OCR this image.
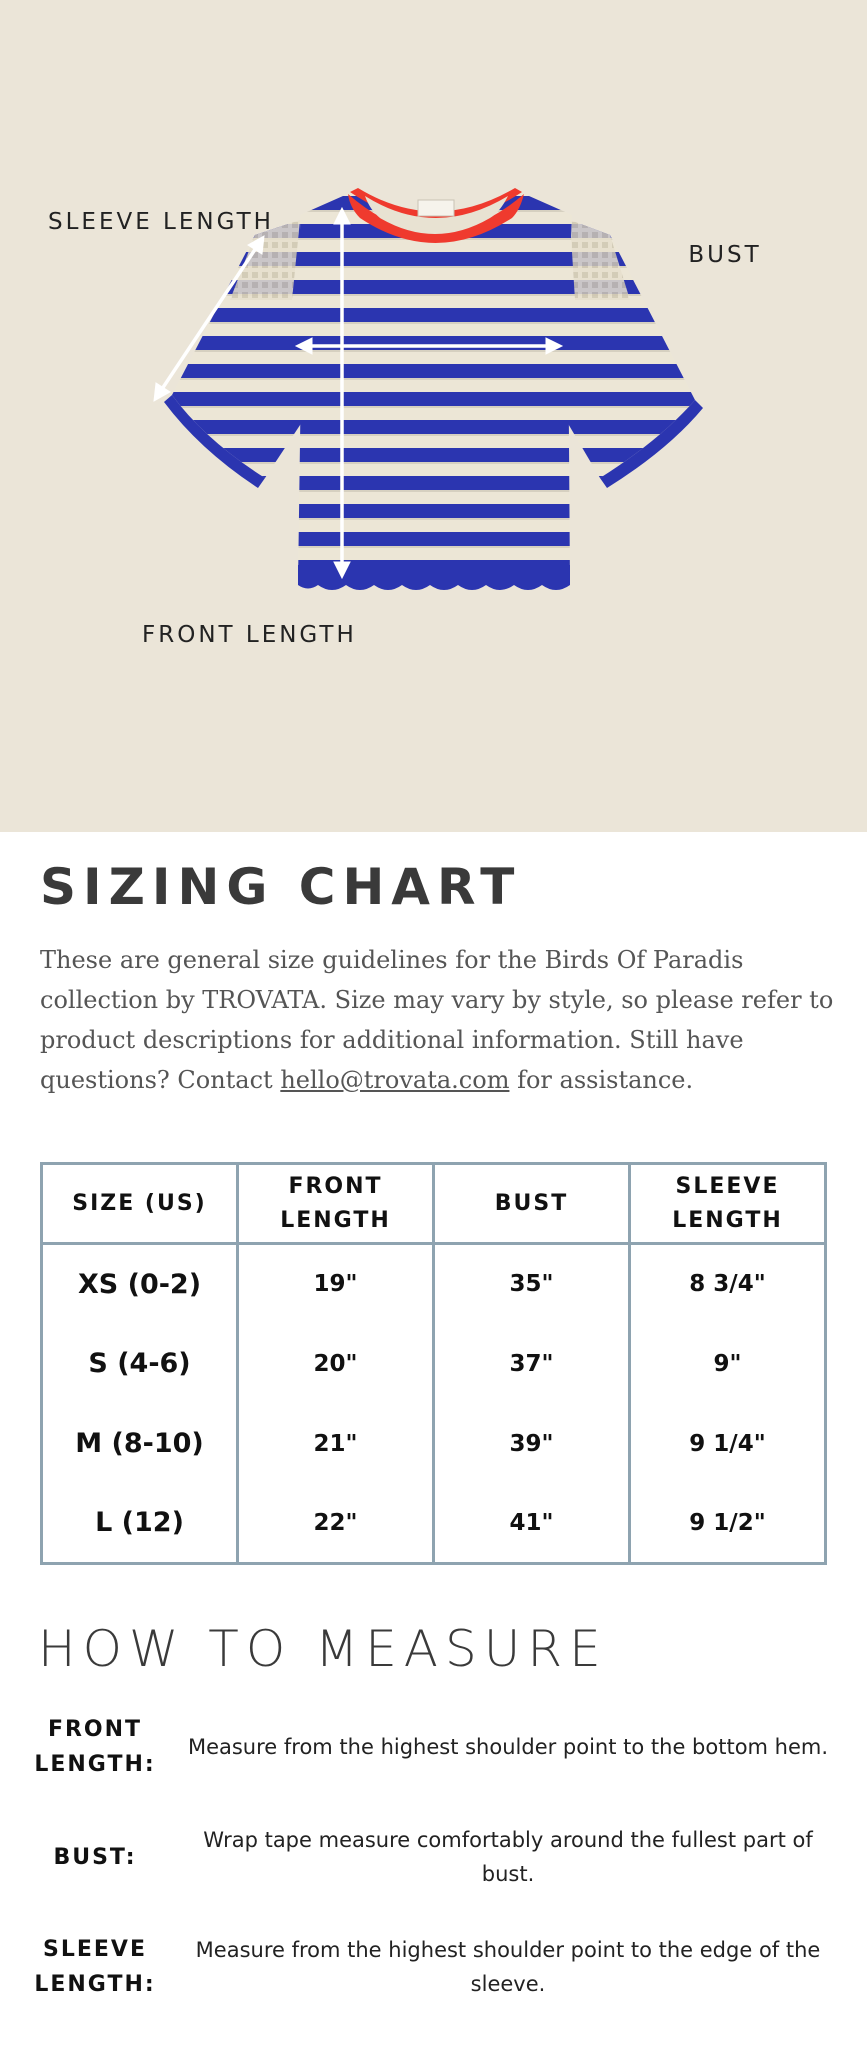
SLEEVE LENGTH
BUST
FRONT LENGTH
SIZING CHART

These are general size guidelines for the Birds Of Paradis collection by TROVATA. Size may vary by style, so please refer to product descriptions for additional information. Still have questions? Contact hello@trovata.com for assistance.

SIZE (US)	FRONT LENGTH	BUST	SLEEVE LENGTH
XS (0-2)	19"	35"	8 3/4"
S (4-6)	20"	37"	9"
M (8-10)	21"	39"	9 1/4"
L (12)	22"	41"	9 1/2"
HOW TO MEASURE
FRONT LENGTH:
Measure from the highest shoulder point to the bottom hem.
BUST:
Wrap tape measure comfortably around the fullest part of bust.
SLEEVE LENGTH:
Measure from the highest shoulder point to the edge of the sleeve.
